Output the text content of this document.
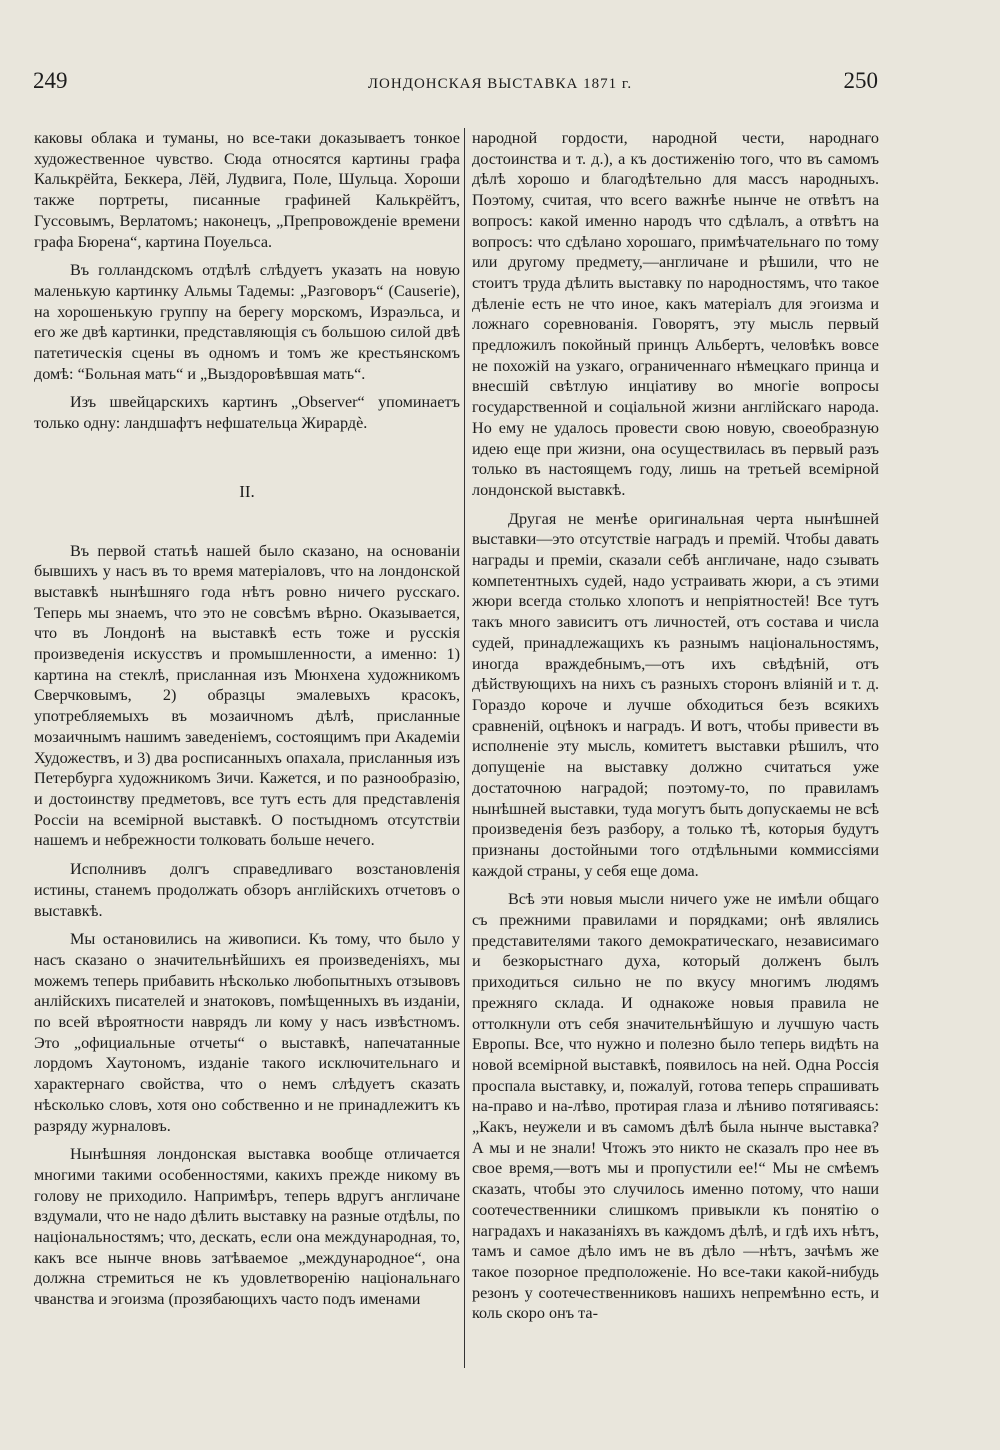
249	ЛОНДОНСКАЯ ВЫСТАВКА 1871 г.	250

каковы облака и туманы, но все-таки доказываетъ тонкое художественное чувство. Сюда относятся картины графа Калькрёйта, Беккера, Лёй, Лудвига, Поле, Шульца. Хороши также портреты, писанные графиней Калькрёйтъ, Гуссовымъ, Верлатомъ; наконецъ, „Препровожденіе времени графа Бюрена“, картина Поуельса.

Въ голландскомъ отдѣлѣ слѣдуетъ указать на новую маленькую картинку Альмы Тадемы: „Разговоръ“ (Causerie), на хорошенькую группу на берегу морскомъ, Израэльса, и его же двѣ картинки, представляющія съ большою силой двѣ патетическія сцены въ одномъ и томъ же крестьянскомъ домѣ: “Больная мать“ и „Выздоровѣвшая мать“.

Изъ швейцарскихъ картинъ „Observer“ упоминаетъ только одну: ландшафтъ нефшательца Жирардѐ.

II.

Въ первой статьѣ нашей было сказано, на основаніи бывшихъ у насъ въ то время матеріаловъ, что на лондонской выставкѣ нынѣшняго года нѣтъ ровно ничего русскаго. Теперь мы знаемъ, что это не совсѣмъ вѣрно. Оказывается, что въ Лондонѣ на выставкѣ есть тоже и русскія произведенія искусствъ и промышленности, а именно: 1) картина на стеклѣ, присланная изъ Мюнхена художникомъ Сверчковымъ, 2) образцы эмалевыхъ красокъ, употребляемыхъ въ мозаичномъ дѣлѣ, присланные мозаичнымъ нашимъ заведеніемъ, состоящимъ при Академіи Художествъ, и 3) два росписанныхъ опахала, присланныя изъ Петербурга художникомъ Зичи. Кажется, и по разнообразію, и достоинству предметовъ, все тутъ есть для представленія Россіи на всемірной выставкѣ. О постыдномъ отсутствіи нашемъ и небрежности толковать больше нечего.

Исполнивъ долгъ справедливаго возстановленія истины, станемъ продолжать обзоръ англійскихъ отчетовъ о выставкѣ.

Мы остановились на живописи. Къ тому, что было у насъ сказано о значительнѣйшихъ ея произведеніяхъ, мы можемъ теперь прибавить нѣсколько любопытныхъ отзывовъ анлійскихъ писателей и знатоковъ, помѣщенныхъ въ изданіи, по всей вѣроятности наврядъ ли кому у насъ извѣстномъ. Это „официальные отчеты“ о выставкѣ, напечатанные лордомъ Хаутономъ, изданіе такого исключительнаго и характернаго свойства, что о немъ слѣдуетъ сказать нѣсколько словъ, хотя оно собственно и не принадлежитъ къ разряду журналовъ.

Нынѣшняя лондонская выставка вообще отличается многими такими особенностями, какихъ прежде никому въ голову не приходило. Напримѣръ, теперь вдругъ англичане вздумали, что не надо дѣлить выставку на разные отдѣлы, по національностямъ; что, дескать, если она международная, то, какъ все нынче вновь затѣваемое „международное“, она должна стремиться не къ удовлетворенію національнаго чванства и эгоизма (прозябающихъ часто подъ именами

народной гордости, народной чести, народнаго достоинства и т. д.), а къ достиженію того, что въ самомъ дѣлѣ хорошо и благодѣтельно для массъ народныхъ. Поэтому, считая, что всего важнѣе нынче не отвѣтъ на вопросъ: какой именно народъ что сдѣлалъ, а отвѣтъ на вопросъ: что сдѣлано хорошаго, примѣчательнаго по тому или другому предмету,—англичане и рѣшили, что не стоитъ труда дѣлить выставку по народностямъ, что такое дѣленіе есть не что иное, какъ матеріалъ для эгоизма и ложнаго соревнованія. Говорятъ, эту мысль первый предложилъ покойный принцъ Альбертъ, человѣкъ вовсе не похожій на узкаго, ограниченнаго нѣмецкаго принца и внесшій свѣтлую инціативу во многіе вопросы государственной и соціальной жизни англійскаго народа. Но ему не удалось провести свою новую, своеобразную идею еще при жизни, она осуществилась въ первый разъ только въ настоящемъ году, лишь на третьей всемірной лондонской выставкѣ.

Другая не менѣе оригинальная черта нынѣшней выставки—это отсутствіе наградъ и премій. Чтобы давать награды и преміи, сказали себѣ англичане, надо сзывать компетентныхъ судей, надо устраивать жюри, а съ этими жюри всегда столько хлопотъ и непріятностей! Все тутъ такъ много зависитъ отъ личностей, отъ состава и числа судей, принадлежащихъ къ разнымъ національностямъ, иногда враждебнымъ,—отъ ихъ свѣдѣній, отъ дѣйствующихъ на нихъ съ разныхъ сторонъ вліяній и т. д. Гораздо короче и лучше обходиться безъ всякихъ сравненій, оцѣнокъ и наградъ. И вотъ, чтобы привести въ исполненіе эту мысль, комитетъ выставки рѣшилъ, что допущеніе на выставку должно считаться уже достаточною наградой; поэтому-то, по правиламъ нынѣшней выставки, туда могутъ быть допускаемы не всѣ произведенія безъ разбору, а только тѣ, которыя будутъ признаны достойными того отдѣльными коммиссіями каждой страны, у себя еще дома.

Всѣ эти новыя мысли ничего уже не имѣли общаго съ прежними правилами и порядками; онѣ являлись представителями такого демократическаго, независимаго и безкорыстнаго духа, который долженъ былъ приходиться сильно не по вкусу многимъ людямъ прежняго склада. И однакоже новыя правила не оттолкнули отъ себя значительнѣйшую и лучшую часть Европы. Все, что нужно и полезно было теперь видѣть на новой всемірной выставкѣ, появилось на ней. Одна Россія проспала выставку, и, пожалуй, готова теперь спрашивать на-право и на-лѣво, протирая глаза и лѣниво потягиваясь: „Какъ, неужели и въ самомъ дѣлѣ была нынче выставка? А мы и не знали! Чтожъ это никто не сказалъ про нее въ свое время,—вотъ мы и пропустили ее!“ Мы не смѣемъ сказать, чтобы это случилось именно потому, что наши соотечественники слишкомъ привыкли къ понятію о наградахъ и наказаніяхъ въ каждомъ дѣлѣ, и гдѣ ихъ нѣтъ, тамъ и самое дѣло имъ не въ дѣло —нѣтъ, зачѣмъ же такое позорное предположеніе. Но все-таки какой-нибудь резонъ у соотечественниковъ нашихъ непремѣнно есть, и коль скоро онъ та-
